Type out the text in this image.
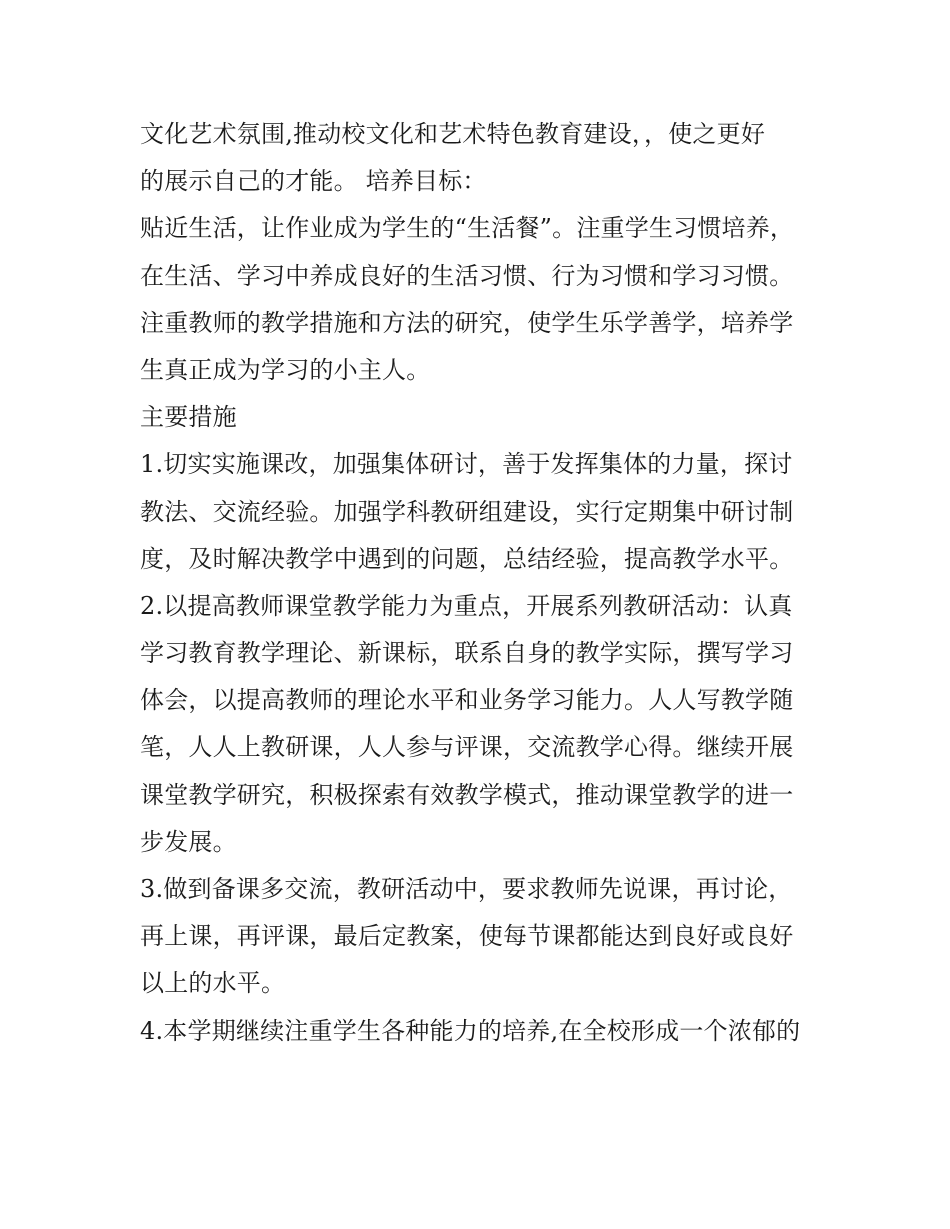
文化艺术氛围,推动校文化和艺术特色教育建设，，使之更好
的展示自己的才能。 培养目标：
贴近生活，让作业成为学生的“生活餐”。注重学生习惯培养，
在生活、学习中养成良好的生活习惯、行为习惯和学习习惯。
注重教师的教学措施和方法的研究，使学生乐学善学，培养学
生真正成为学习的小主人。
主要措施
1.切实实施课改，加强集体研讨，善于发挥集体的力量，探讨
教法、交流经验。加强学科教研组建设，实行定期集中研讨制
度，及时解决教学中遇到的问题，总结经验，提高教学水平。
2.以提高教师课堂教学能力为重点，开展系列教研活动：认真
学习教育教学理论、新课标，联系自身的教学实际，撰写学习
体会，以提高教师的理论水平和业务学习能力。人人写教学随
笔，人人上教研课，人人参与评课，交流教学心得。继续开展
课堂教学研究，积极探索有效教学模式，推动课堂教学的进一
步发展。
3.做到备课多交流，教研活动中，要求教师先说课，再讨论，
再上课，再评课，最后定教案，使每节课都能达到良好或良好
以上的水平。
4.本学期继续注重学生各种能力的培养,在全校形成一个浓郁的
